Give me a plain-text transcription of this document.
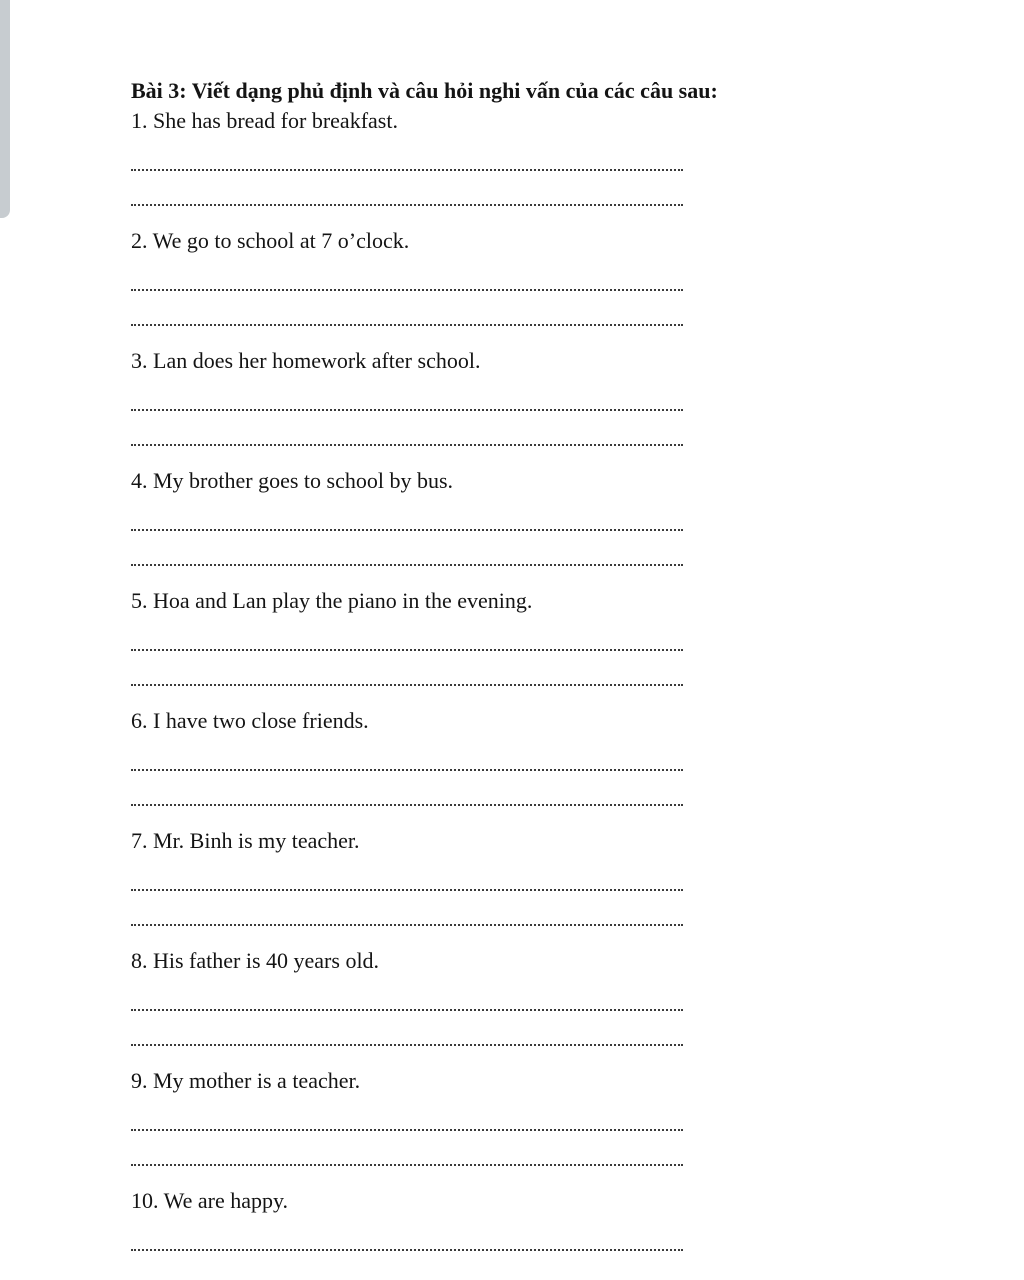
Bài 3: Viết dạng phủ định và câu hỏi nghi vấn của các câu sau:
1. She has bread for breakfast.
2. We go to school at 7 o’clock.
3. Lan does her homework after school.
4. My brother goes to school by bus.
5. Hoa and Lan play the piano in the evening.
6. I have two close friends.
7. Mr. Binh is my teacher.
8. His father is 40 years old.
9. My mother is a teacher.
10. We are happy.
